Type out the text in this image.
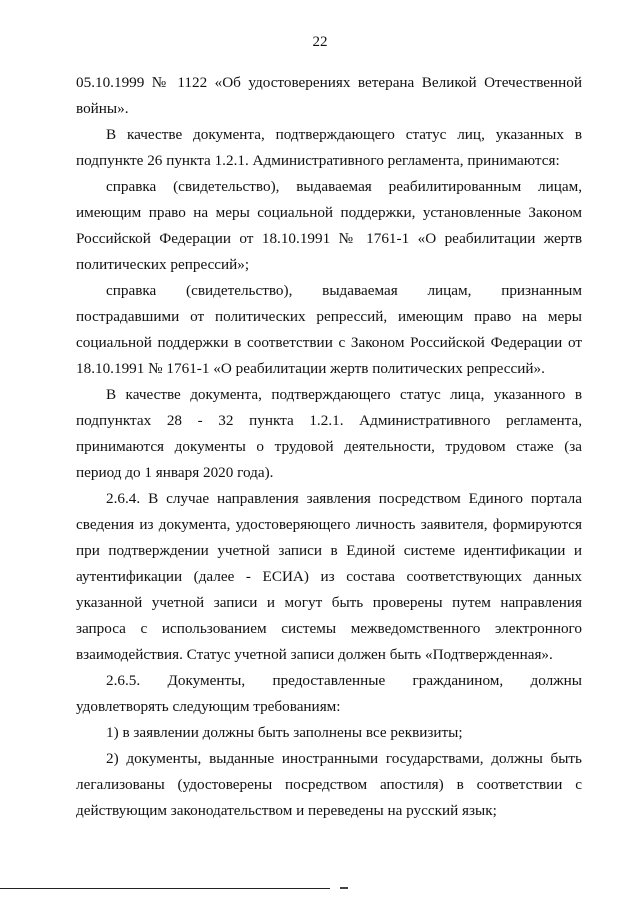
22

05.10.1999 № 1122 «Об удостоверениях ветерана Великой Отечественной войны».

В качестве документа, подтверждающего статус лиц, указанных в подпункте 26 пункта 1.2.1. Административного регламента, принимаются:

справка (свидетельство), выдаваемая реабилитированным лицам, имеющим право на меры социальной поддержки, установленные Законом Российской Федерации от 18.10.1991 № 1761-1 «О реабилитации жертв политических репрессий»;

справка (свидетельство), выдаваемая лицам, признанным пострадавшими от политических репрессий, имеющим право на меры социальной поддержки в соответствии с Законом Российской Федерации от 18.10.1991 № 1761-1 «О реабилитации жертв политических репрессий».

В качестве документа, подтверждающего статус лица, указанного в подпунктах 28 - 32 пункта 1.2.1. Административного регламента, принимаются документы о трудовой деятельности, трудовом стаже (за период до 1 января 2020 года).

2.6.4. В случае направления заявления посредством Единого портала сведения из документа, удостоверяющего личность заявителя, формируются при подтверждении учетной записи в Единой системе идентификации и аутентификации (далее - ЕСИА) из состава соответствующих данных указанной учетной записи и могут быть проверены путем направления запроса с использованием системы межведомственного электронного взаимодействия. Статус учетной записи должен быть «Подтвержденная».

2.6.5. Документы, предоставленные гражданином, должны удовлетворять следующим требованиям:

1) в заявлении должны быть заполнены все реквизиты;

2) документы, выданные иностранными государствами, должны быть легализованы (удостоверены посредством апостиля) в соответствии с действующим законодательством и переведены на русский язык;
